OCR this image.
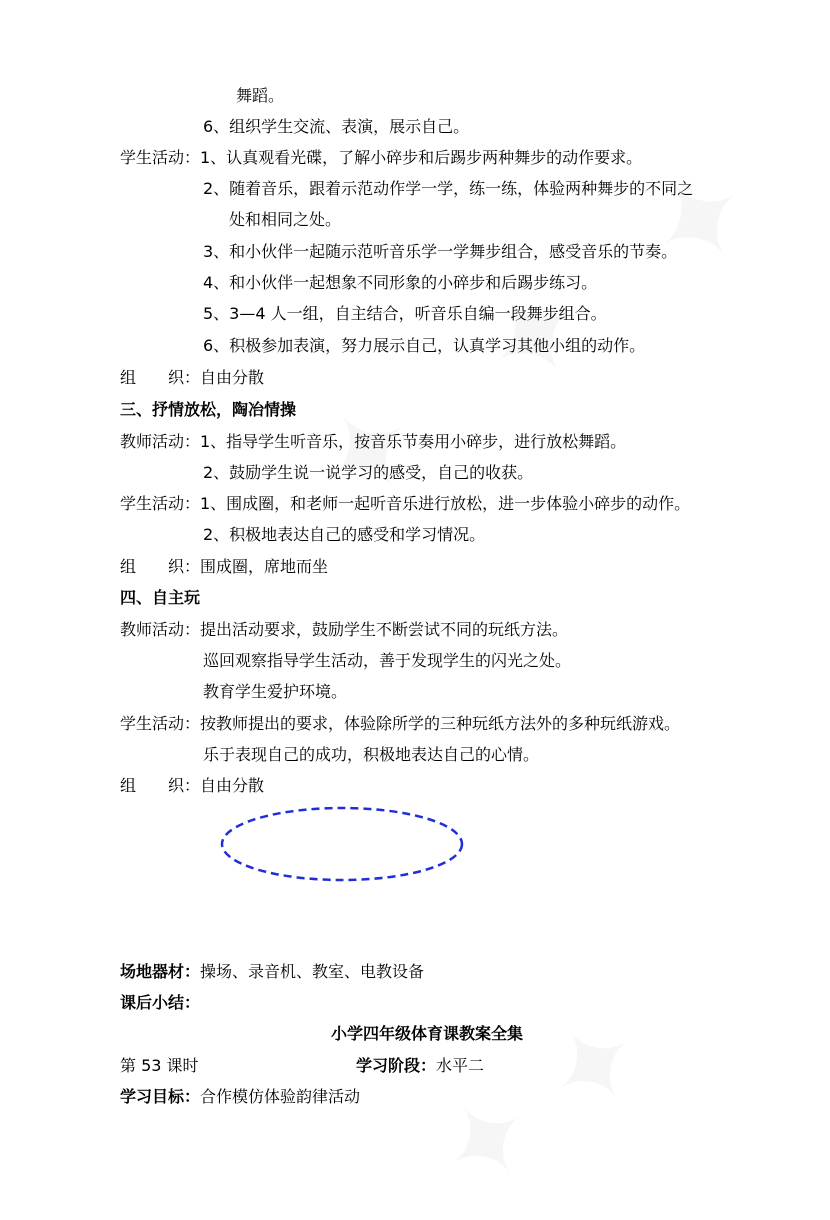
舞蹈。
6、组织学生交流、表演，展示自己。
学生活动：1、认真观看光碟，了解小碎步和后踢步两种舞步的动作要求。
2、随着音乐，跟着示范动作学一学，练一练，体验两种舞步的不同之
处和相同之处。
3、和小伙伴一起随示范听音乐学一学舞步组合，感受音乐的节奏。
4、和小伙伴一起想象不同形象的小碎步和后踢步练习。
5、3—4 人一组，自主结合，听音乐自编一段舞步组合。
6、积极参加表演，努力展示自己，认真学习其他小组的动作。
组　　织：自由分散
三、抒情放松，陶冶情操
教师活动：1、指导学生听音乐，按音乐节奏用小碎步，进行放松舞蹈。
2、鼓励学生说一说学习的感受，自己的收获。
学生活动：1、围成圈，和老师一起听音乐进行放松，进一步体验小碎步的动作。
2、积极地表达自己的感受和学习情况。
组　　织：围成圈，席地而坐
四、自主玩
教师活动：提出活动要求，鼓励学生不断尝试不同的玩纸方法。
巡回观察指导学生活动，善于发现学生的闪光之处。
教育学生爱护环境。
学生活动：按教师提出的要求，体验除所学的三种玩纸方法外的多种玩纸游戏。
乐于表现自己的成功，积极地表达自己的心情。
组　　织：自由分散
场地器材：操场、录音机、教室、电教设备
课后小结：
小学四年级体育课教案全集
第 53 课时	学习阶段：水平二
学习目标：合作模仿体验韵律活动
